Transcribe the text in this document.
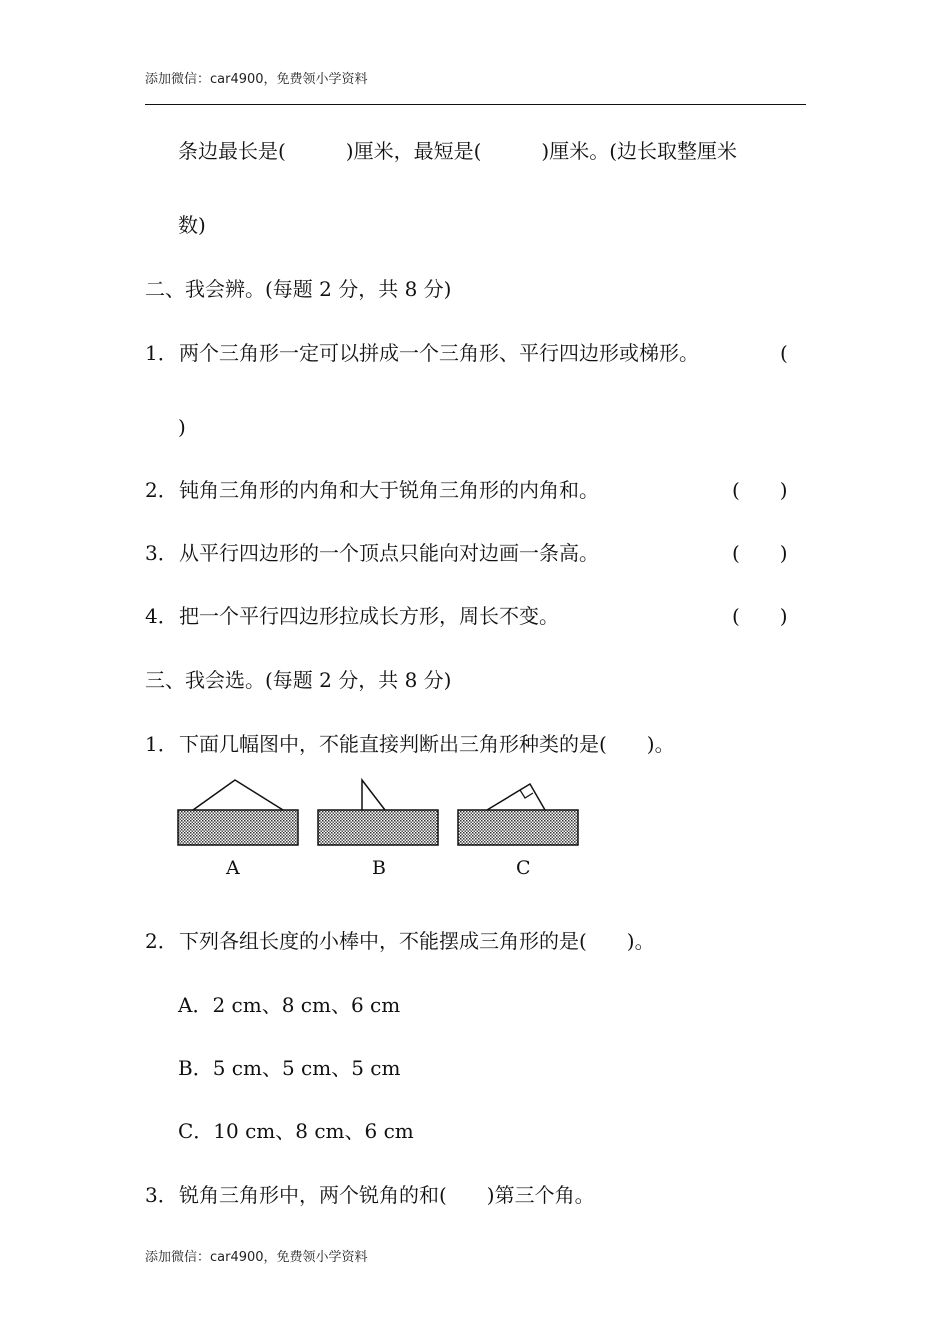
添加微信：car4900，免费领小学资料
条边最长是(　　　)厘米，最短是(　　　)厘米。(边长取整厘米
数)
二、我会辨。(每题 2 分，共 8 分)
1．两个三角形一定可以拼成一个三角形、平行四边形或梯形。	(
)
2．钝角三角形的内角和大于锐角三角形的内角和。	(　　)
3．从平行四边形的一个顶点只能向对边画一条高。	(　　)
4．把一个平行四边形拉成长方形，周长不变。	(　　)
三、我会选。(每题 2 分，共 8 分)
1．下面几幅图中，不能直接判断出三角形种类的是(　　)。
A	B	C
2．下列各组长度的小棒中，不能摆成三角形的是(　　)。
A．2 cm、8 cm、6 cm
B．5 cm、5 cm、5 cm
C．10 cm、8 cm、6 cm
3．锐角三角形中，两个锐角的和(　　)第三个角。
添加微信：car4900，免费领小学资料
